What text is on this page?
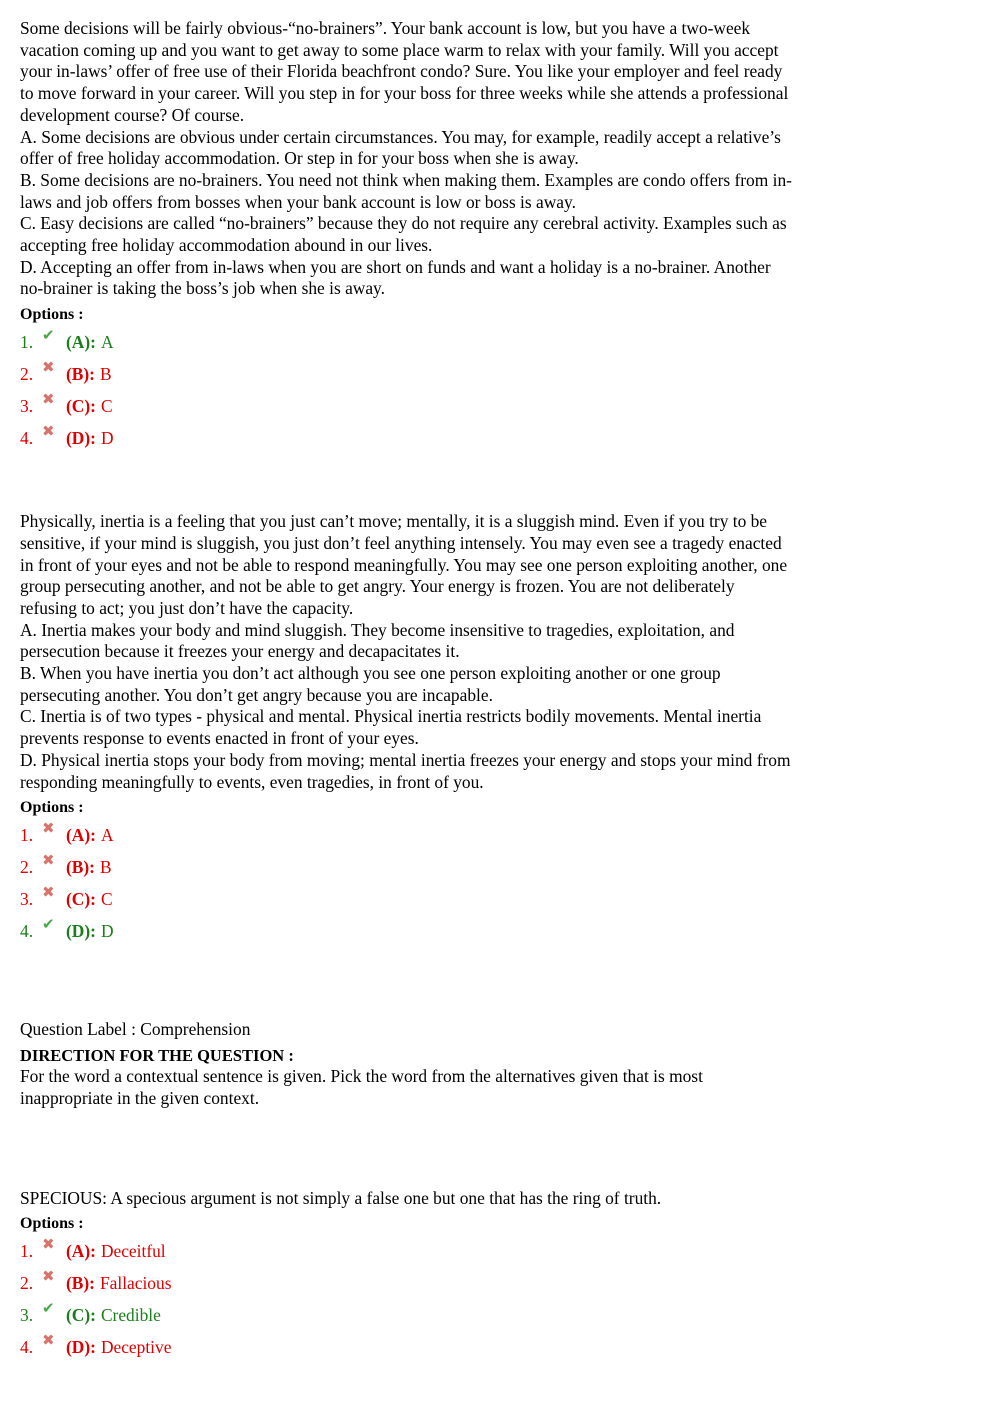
Some decisions will be fairly obvious-“no-brainers”. Your bank account is low, but you have a two-week
vacation coming up and you want to get away to some place warm to relax with your family. Will you accept
your in-laws’ offer of free use of their Florida beachfront condo? Sure. You like your employer and feel ready
to move forward in your career. Will you step in for your boss for three weeks while she attends a professional
development course? Of course.
A. Some decisions are obvious under certain circumstances. You may, for example, readily accept a relative’s
offer of free holiday accommodation. Or step in for your boss when she is away.
B. Some decisions are no-brainers. You need not think when making them. Examples are condo offers from in-
laws and job offers from bosses when your bank account is low or boss is away.
C. Easy decisions are called “no-brainers” because they do not require any cerebral activity. Examples such as
accepting free holiday accommodation abound in our lives.
D. Accepting an offer from in-laws when you are short on funds and want a holiday is a no-brainer. Another
no-brainer is taking the boss’s job when she is away.
Options :
1. ✔ (A): A
2. ✖ (B): B
3. ✖ (C): C
4. ✖ (D): D
Physically, inertia is a feeling that you just can’t move; mentally, it is a sluggish mind. Even if you try to be
sensitive, if your mind is sluggish, you just don’t feel anything intensely. You may even see a tragedy enacted
in front of your eyes and not be able to respond meaningfully. You may see one person exploiting another, one
group persecuting another, and not be able to get angry. Your energy is frozen. You are not deliberately
refusing to act; you just don’t have the capacity.
A. Inertia makes your body and mind sluggish. They become insensitive to tragedies, exploitation, and
persecution because it freezes your energy and decapacitates it.
B. When you have inertia you don’t act although you see one person exploiting another or one group
persecuting another. You don’t get angry because you are incapable.
C. Inertia is of two types - physical and mental. Physical inertia restricts bodily movements. Mental inertia
prevents response to events enacted in front of your eyes.
D. Physical inertia stops your body from moving; mental inertia freezes your energy and stops your mind from
responding meaningfully to events, even tragedies, in front of you.
Options :
1. ✖ (A): A
2. ✖ (B): B
3. ✖ (C): C
4. ✔ (D): D
Question Label : Comprehension
DIRECTION FOR THE QUESTION :
For the word a contextual sentence is given. Pick the word from the alternatives given that is most
inappropriate in the given context.
SPECIOUS: A specious argument is not simply a false one but one that has the ring of truth.
Options :
1. ✖ (A): Deceitful
2. ✖ (B): Fallacious
3. ✔ (C): Credible
4. ✖ (D): Deceptive
